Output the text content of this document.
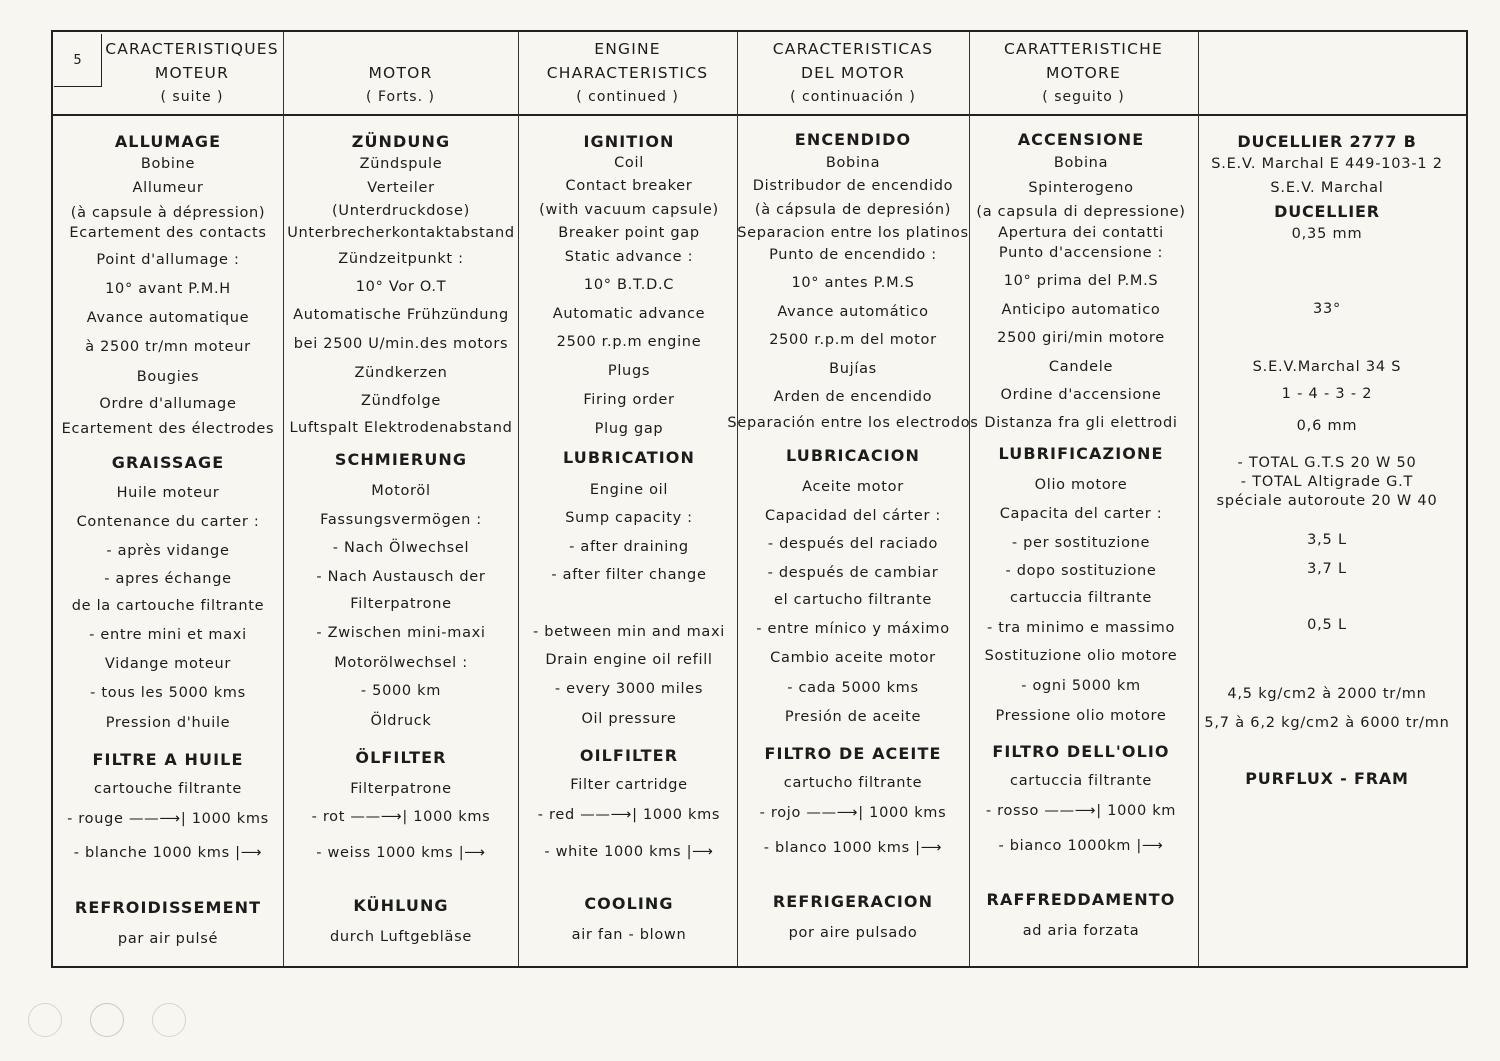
5
CARACTERISTIQUES
MOTEUR
( suite )
MOTOR
( Forts. )
ENGINE
CHARACTERISTICS
( continued )
CARACTERISTICAS
DEL MOTOR
( continuación )
CARATTERISTICHE
MOTORE
( seguito )
ALLUMAGE
Bobine
Allumeur
(à capsule à dépression)
Ecartement des contacts
Point d'allumage :
10° avant P.M.H
Avance automatique
à 2500 tr/mn moteur
Bougies
Ordre d'allumage
Ecartement des électrodes
GRAISSAGE
Huile moteur
Contenance du carter :
- après vidange
- apres échange
de la cartouche filtrante
- entre mini et maxi
Vidange moteur
- tous les 5000 kms
Pression d'huile
FILTRE A HUILE
cartouche filtrante
- rouge ——⟶| 1000 kms
- blanche 1000 kms |⟶
REFROIDISSEMENT
par air pulsé
ZÜNDUNG
Zündspule
Verteiler
(Unterdruckdose)
Unterbrecherkontaktabstand
Zündzeitpunkt :
10° Vor O.T
Automatische Frühzündung
bei 2500 U/min.des motors
Zündkerzen
Zündfolge
Luftspalt Elektrodenabstand
SCHMIERUNG
Motoröl
Fassungsvermögen :
- Nach Ölwechsel
- Nach Austausch der
Filterpatrone
- Zwischen mini-maxi
Motorölwechsel :
- 5000 km
Öldruck
ÖLFILTER
Filterpatrone
- rot ——⟶| 1000 kms
- weiss 1000 kms |⟶
KÜHLUNG
durch Luftgebläse
IGNITION
Coil
Contact breaker
(with vacuum capsule)
Breaker point gap
Static advance :
10° B.T.D.C
Automatic advance
2500 r.p.m engine
Plugs
Firing order
Plug gap
LUBRICATION
Engine oil
Sump capacity :
- after draining
- after filter change
- between min and maxi
Drain engine oil refill
- every 3000 miles
Oil pressure
OILFILTER
Filter cartridge
- red ——⟶| 1000 kms
- white 1000 kms |⟶
COOLING
air fan - blown
ENCENDIDO
Bobina
Distribudor de encendido
(à cápsula de depresión)
Separacion entre los platinos
Punto de encendido :
10° antes P.M.S
Avance automático
2500 r.p.m del motor
Bujías
Arden de encendido
Separación entre los electrodos
LUBRICACION
Aceite motor
Capacidad del cárter :
- después del raciado
- después de cambiar
el cartucho filtrante
- entre mínico y máximo
Cambio aceite motor
- cada 5000 kms
Presión de aceite
FILTRO DE ACEITE
cartucho filtrante
- rojo ——⟶| 1000 kms
- blanco 1000 kms |⟶
REFRIGERACION
por aire pulsado
ACCENSIONE
Bobina
Spinterogeno
(a capsula di depressione)
Apertura dei contatti
Punto d'accensione :
10° prima del P.M.S
Anticipo automatico
2500 giri/min motore
Candele
Ordine d'accensione
Distanza fra gli elettrodi
LUBRIFICAZIONE
Olio motore
Capacita del carter :
- per sostituzione
- dopo sostituzione
cartuccia filtrante
- tra minimo e massimo
Sostituzione olio motore
- ogni 5000 km
Pressione olio motore
FILTRO DELL'OLIO
cartuccia filtrante
- rosso ——⟶| 1000 km
- bianco 1000km |⟶
RAFFREDDAMENTO
ad aria forzata
DUCELLIER 2777 B
S.E.V. Marchal E 449-103-1 2
S.E.V. Marchal
DUCELLIER
0,35 mm
33°
S.E.V.Marchal 34 S
1 - 4 - 3 - 2
0,6 mm
- TOTAL G.T.S 20 W 50
- TOTAL Altigrade G.T
spéciale autoroute 20 W 40
3,5 L
3,7 L
0,5 L
4,5 kg/cm2 à 2000 tr/mn
5,7 à 6,2 kg/cm2 à 6000 tr/mn
PURFLUX - FRAM
